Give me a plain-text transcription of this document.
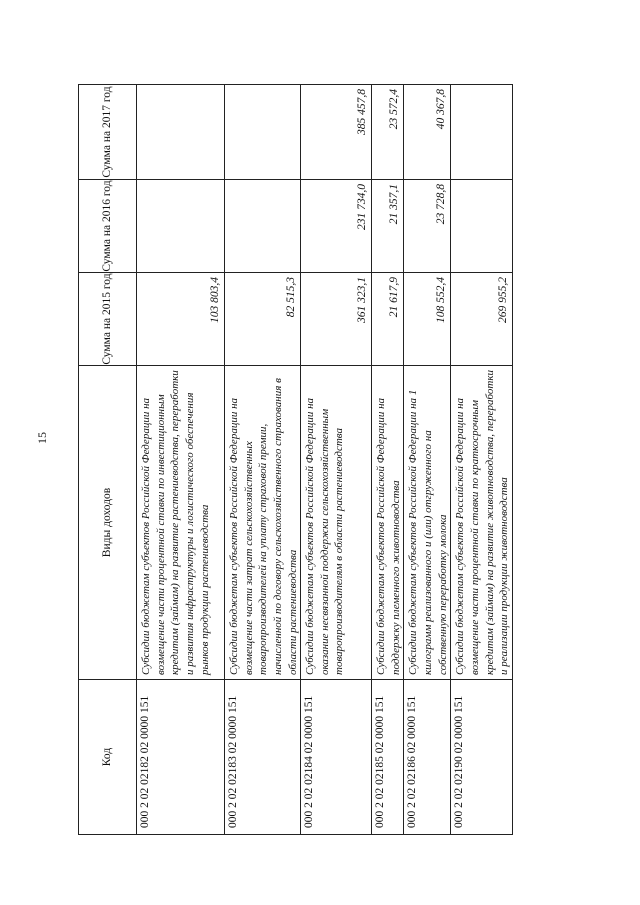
15
Код	Виды доходов	Сумма на 2015 год	Сумма на 2016 год	Сумма на 2017 год
000 2 02 02182 02 0000 151	Субсидии бюджетам субъектов Российской Федерации на возмещение части процентной ставки по инвестиционным кредитам (займам) на развитие растениеводства, переработки и развития инфраструктуры и логистического обеспечения рынков продукции растениеводства	103 803,4		
000 2 02 02183 02 0000 151	Субсидии бюджетам субъектов Российской Федерации на возмещение части затрат сельскохозяйственных товаропроизводителей на уплату страховой премии, начисленной по договору сельскохозяйственного страхования в области растениеводства	82 515,3		
000 2 02 02184 02 0000 151	Субсидии бюджетам субъектов Российской Федерации на оказание несвязанной поддержки сельскохозяйственным товаропроизводителям в области растениеводства	361 323,1	231 734,0	385 457,8
000 2 02 02185 02 0000 151	Субсидии бюджетам субъектов Российской Федерации на поддержку племенного животноводства	21 617,9	21 357,1	23 572,4
000 2 02 02186 02 0000 151	Субсидии бюджетам субъектов Российской Федерации на 1 килограмм реализованного и (или) отгруженного на собственную переработку молока	108 552,4	23 728,8	40 367,8
000 2 02 02190 02 0000 151	Субсидии бюджетам субъектов Российской Федерации на возмещение части процентной ставки по краткосрочным кредитам (займам) на развитие животноводства, переработки и реализации продукции животноводства	269 955,2		
